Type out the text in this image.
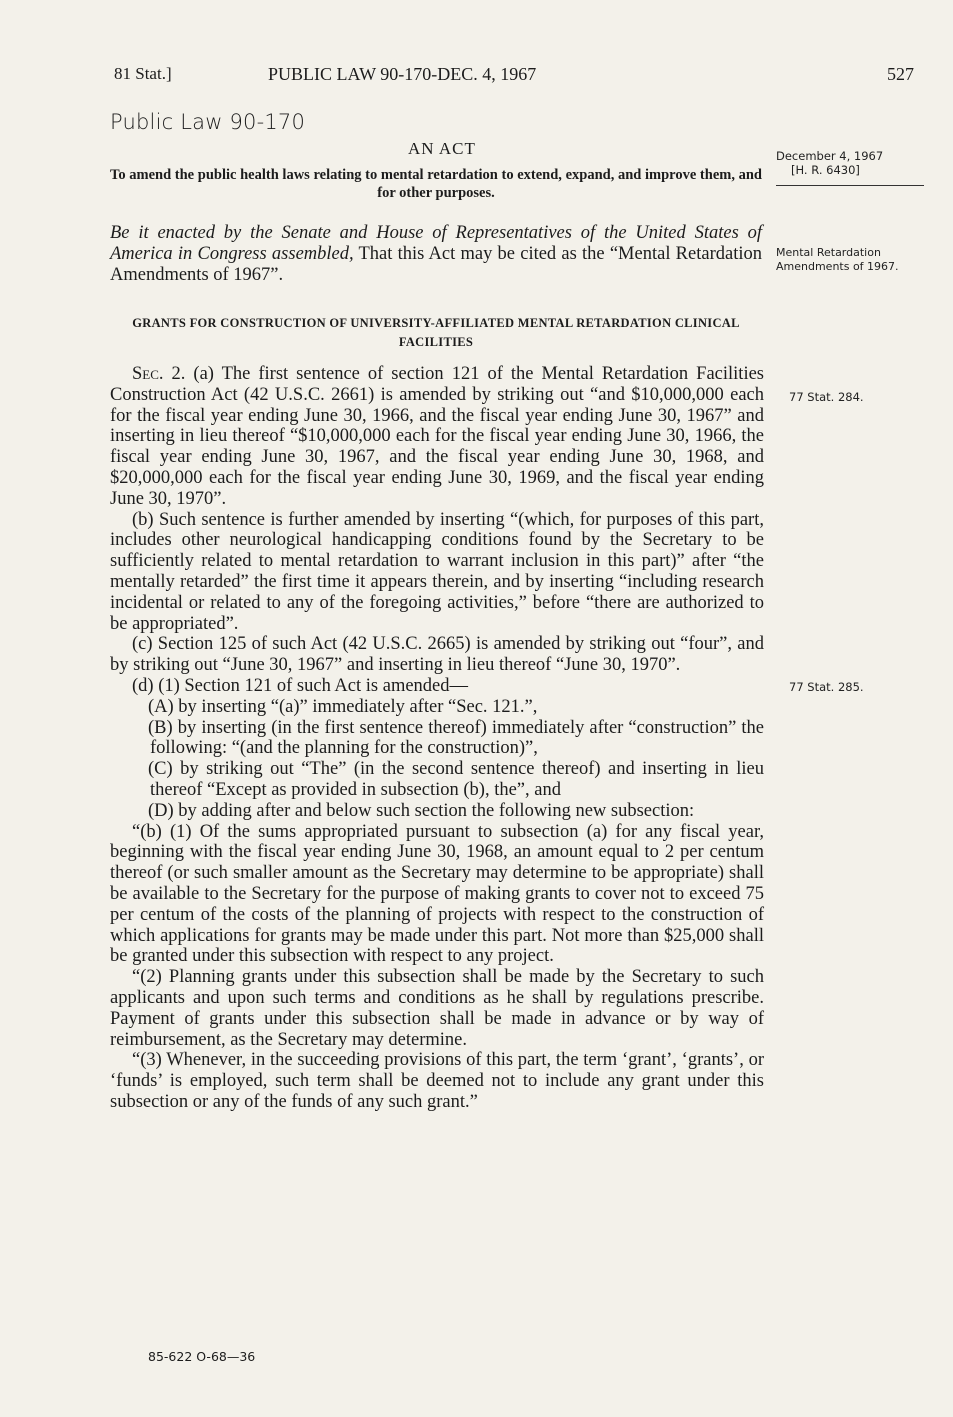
81 Stat.]	PUBLIC LAW 90-170-DEC. 4, 1967	527
Public Law 90-170
AN ACT
To amend the public health laws relating to mental retardation to extend, expand, and improve them, and for other purposes.
December 4, 1967
[H. R. 6430]
Mental Retardation Amendments of 1967.
77 Stat. 284.
77 Stat. 285.
Be it enacted by the Senate and House of Representatives of the United States of America in Congress assembled, That this Act may be cited as the “Mental Retardation Amendments of 1967”.
GRANTS FOR CONSTRUCTION OF UNIVERSITY-AFFILIATED MENTAL RETARDATION CLINICAL FACILITIES

Sec. 2. (a) The first sentence of section 121 of the Mental Retardation Facilities Construction Act (42 U.S.C. 2661) is amended by striking out “and $10,000,000 each for the fiscal year ending June 30, 1966, and the fiscal year ending June 30, 1967” and inserting in lieu thereof “$10,000,000 each for the fiscal year ending June 30, 1966, the fiscal year ending June 30, 1967, and the fiscal year ending June 30, 1968, and $20,000,000 each for the fiscal year ending June 30, 1969, and the fiscal year ending June 30, 1970”.

(b) Such sentence is further amended by inserting “(which, for purposes of this part, includes other neurological handicapping conditions found by the Secretary to be sufficiently related to mental retardation to warrant inclusion in this part)” after “the mentally retarded” the first time it appears therein, and by inserting “including research incidental or related to any of the foregoing activities,” before “there are authorized to be appropriated”.

(c) Section 125 of such Act (42 U.S.C. 2665) is amended by striking out “four”, and by striking out “June 30, 1967” and inserting in lieu thereof “June 30, 1970”.

(d) (1) Section 121 of such Act is amended—

(A) by inserting “(a)” immediately after “Sec. 121.”,

(B) by inserting (in the first sentence thereof) immediately after “construction” the following: “(and the planning for the construction)”,

(C) by striking out “The” (in the second sentence thereof) and inserting in lieu thereof “Except as provided in subsection (b), the”, and

(D) by adding after and below such section the following new subsection:

“(b) (1) Of the sums appropriated pursuant to subsection (a) for any fiscal year, beginning with the fiscal year ending June 30, 1968, an amount equal to 2 per centum thereof (or such smaller amount as the Secretary may determine to be appropriate) shall be available to the Secretary for the purpose of making grants to cover not to exceed 75 per centum of the costs of the planning of projects with respect to the construction of which applications for grants may be made under this part. Not more than $25,000 shall be granted under this subsection with respect to any project.

“(2) Planning grants under this subsection shall be made by the Secretary to such applicants and upon such terms and conditions as he shall by regulations prescribe. Payment of grants under this subsection shall be made in advance or by way of reimbursement, as the Secretary may determine.

“(3) Whenever, in the succeeding provisions of this part, the term ‘grant’, ‘grants’, or ‘funds’ is employed, such term shall be deemed not to include any grant under this subsection or any of the funds of any such grant.”

85-622 O-68—36
